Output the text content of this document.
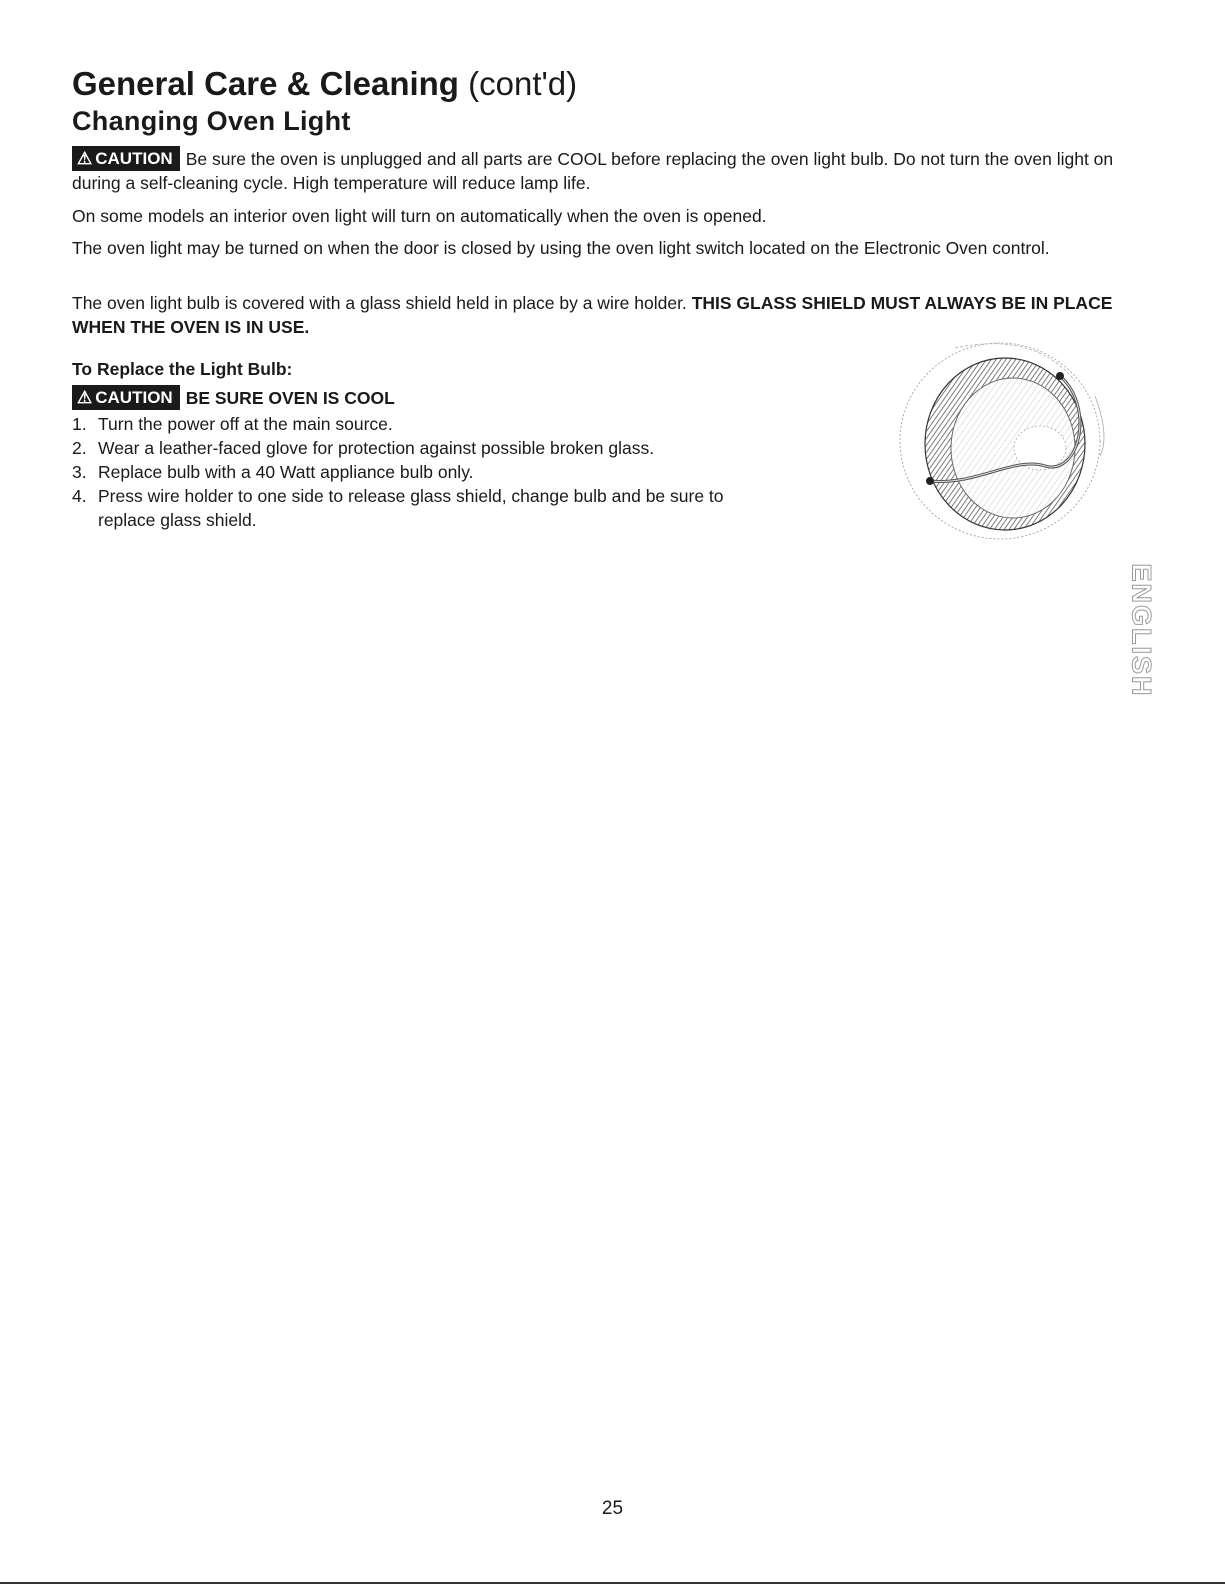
General Care & Cleaning (cont'd)
Changing Oven Light

⚠ CAUTION Be sure the oven is unplugged and all parts are COOL before replacing the oven light bulb. Do not turn the oven light on during a self-cleaning cycle. High temperature will reduce lamp life.

On some models an interior oven light will turn on automatically when the oven is opened.

The oven light may be turned on when the door is closed by using the oven light switch located on the Electronic Oven control.

The oven light bulb is covered with a glass shield held in place by a wire holder. THIS GLASS SHIELD MUST ALWAYS BE IN PLACE WHEN THE OVEN IS IN USE.

To Replace the Light Bulb:
⚠ CAUTION BE SURE OVEN IS COOL
1. Turn the power off at the main source.
2. Wear a leather-faced glove for protection against possible broken glass.
3. Replace bulb with a 40 Watt appliance bulb only.
4. Press wire holder to one side to release glass shield, change bulb and be sure to replace glass shield.
ENGLISH
25
